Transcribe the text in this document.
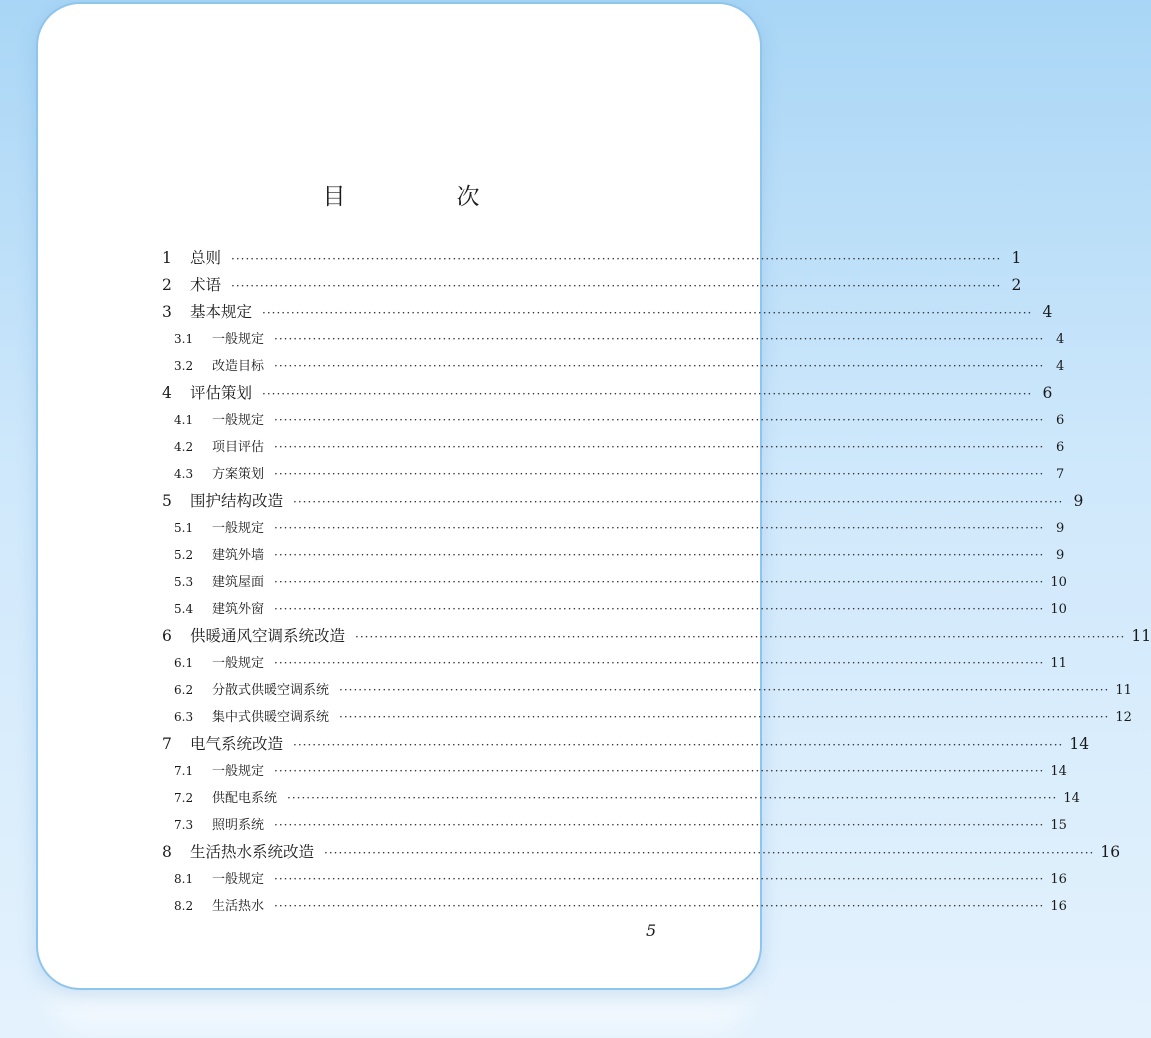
目　次
1	总则 ································································································································································ 1
2	术语 ································································································································································ 2
3	基本规定 ································································································································································ 4
3.1	一般规定 ································································································································································ 4
3.2	改造目标 ································································································································································ 4
4	评估策划 ································································································································································ 6
4.1	一般规定 ································································································································································ 6
4.2	项目评估 ································································································································································ 6
4.3	方案策划 ································································································································································ 7
5	围护结构改造 ································································································································································ 9
5.1	一般规定 ································································································································································ 9
5.2	建筑外墙 ································································································································································ 9
5.3	建筑屋面 ································································································································································ 10
5.4	建筑外窗 ································································································································································ 10
6	供暖通风空调系统改造 ································································································································································ 11
6.1	一般规定 ································································································································································ 11
6.2	分散式供暖空调系统 ································································································································································ 11
6.3	集中式供暖空调系统 ································································································································································ 12
7	电气系统改造 ································································································································································ 14
7.1	一般规定 ································································································································································ 14
7.2	供配电系统 ································································································································································ 14
7.3	照明系统 ································································································································································ 15
8	生活热水系统改造 ································································································································································ 16
8.1	一般规定 ································································································································································ 16
8.2	生活热水 ································································································································································ 16
5
